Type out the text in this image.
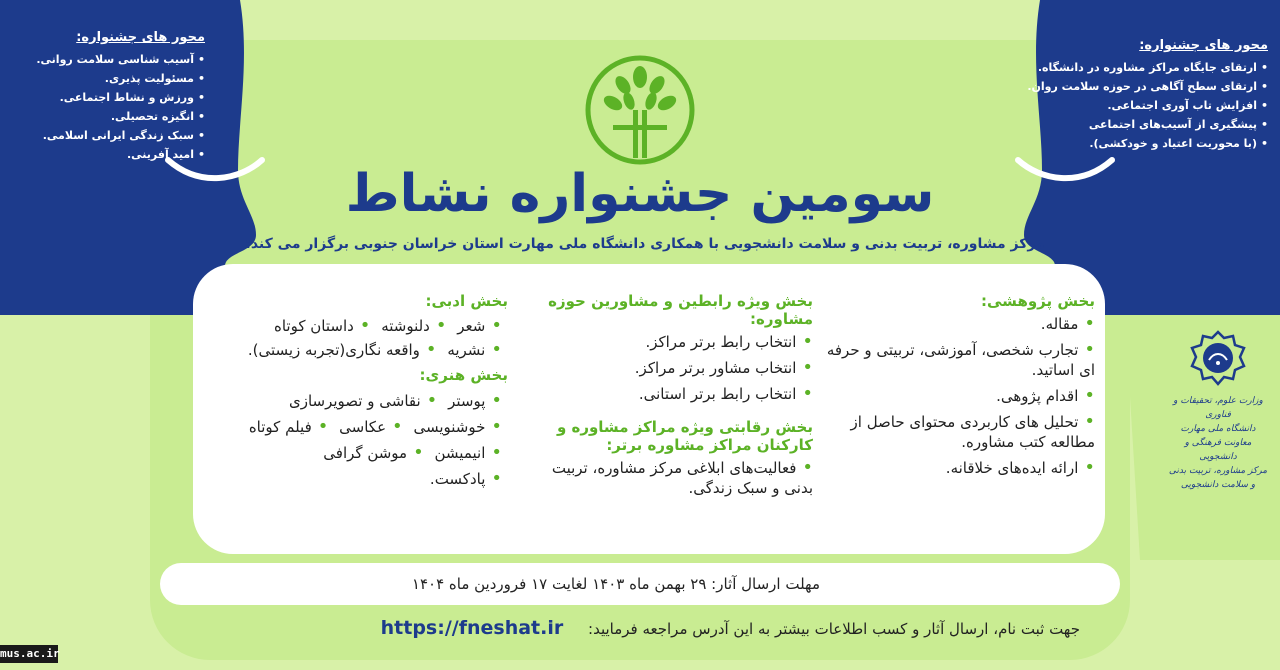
محور های جشنواره:
• آسیب شناسی سلامت روانی.
• مسئولیت پذیری.
• ورزش و نشاط اجتماعی.
• انگیزه تحصیلی.
• سبک زندگی ایرانی اسلامی.
• امید آفرینی.
محور های جشنواره:
• ارتقای جایگاه مراکز مشاوره در دانشگاه.
• ارتقای سطح آگاهی در حوزه سلامت روان.
• افزایش تاب آوری اجتماعی.
• پیشگیری از آسیب‌های اجتماعی
• (با محوریت اعتیاد و خودکشی).
سومین جشنواره نشاط
مرکز مشاوره، تربیت بدنی و سلامت دانشجویی با همکاری دانشگاه ملی مهارت استان خراسان جنوبی برگزار می کند:
بخش پژوهشی:
• مقاله.
• تجارب شخصی، آموزشی، تربیتی و حرفه ای اساتید.
• اقدام پژوهی.
• تحلیل های کاربردی محتوای حاصل از مطالعه کتب مشاوره.
• ارائه ایده‌های خلاقانه.
بخش ویژه رابطین و مشاورین حوزه مشاوره:
• انتخاب رابط برتر مراکز.
• انتخاب مشاور برتر مراکز.
• انتخاب رابط برتر استانی.
بخش رقابتی ویژه مراکز مشاوره و کارکنان مراکز مشاوره برتر:
• فعالیت‌های ابلاغی مرکز مشاوره، تربیت بدنی و سبک زندگی.
بخش ادبی:
• شعر • دلنوشته • داستان کوتاه
• نشریه • واقعه نگاری(تجربه زیستی).
بخش هنری:
• پوستر • نقاشی و تصویرسازی
• خوشنویسی • عکاسی • فیلم کوتاه
• انیمیشن • موشن گرافی
• پادکست.
مهلت ارسال آثار: ۲۹ بهمن ماه ۱۴۰۳ لغایت ۱۷ فروردین ماه ۱۴۰۴
جهت ثبت نام، ارسال آثار و کسب اطلاعات بیشتر به این آدرس مراجعه فرمایید: https://fneshat.ir
وزارت علوم، تحقیقات و فناوری
دانشگاه ملی مهارت
معاونت فرهنگی و دانشجویی
مرکز مشاوره، تربیت بدنی و سلامت دانشجویی
mus.ac.ir
